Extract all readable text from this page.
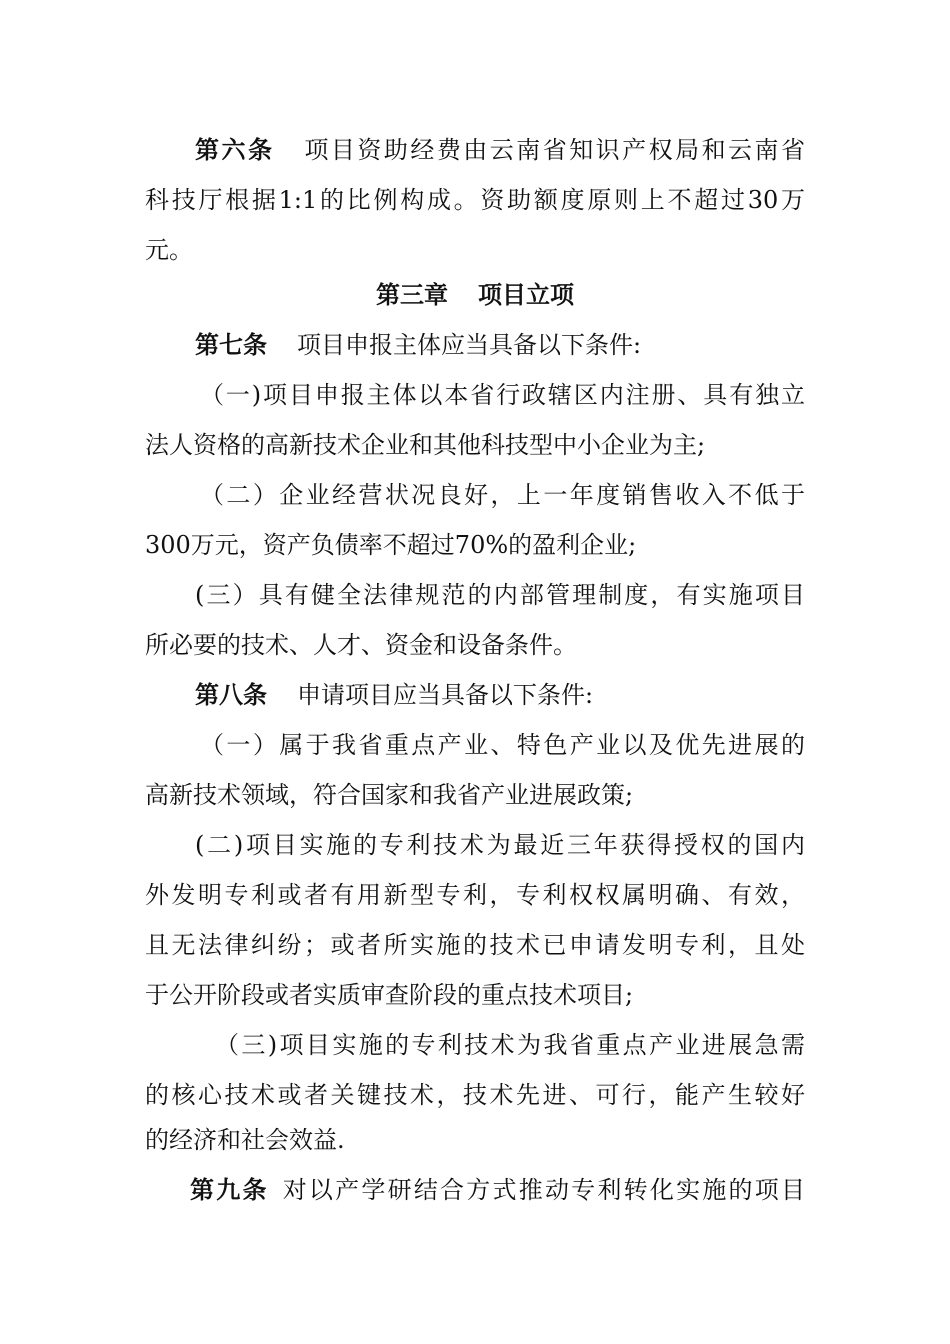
第六条 项目资助经费由云南省知识产权局和云南省
科技厅根据1:1的比例构成。资助额度原则上不超过30万
元。
第三章 项目立项
第七条 项目申报主体应当具备以下条件:
（一)项目申报主体以本省行政辖区内注册、具有独立
法人资格的高新技术企业和其他科技型中小企业为主;
（二）企业经营状况良好，上一年度销售收入不低于
300万元，资产负债率不超过70%的盈利企业;
(三）具有健全法律规范的内部管理制度，有实施项目
所必要的技术、人才、资金和设备条件。
第八条 申请项目应当具备以下条件:
（一）属于我省重点产业、特色产业以及优先进展的
高新技术领域，符合国家和我省产业进展政策;
(二)项目实施的专利技术为最近三年获得授权的国内
外发明专利或者有用新型专利，专利权权属明确、有效，
且无法律纠纷；或者所实施的技术已申请发明专利，且处
于公开阶段或者实质审查阶段的重点技术项目;
（三)项目实施的专利技术为我省重点产业进展急需
的核心技术或者关键技术，技术先进、可行，能产生较好
的经济和社会效益.
第九条 对以产学研结合方式推动专利转化实施的项目
